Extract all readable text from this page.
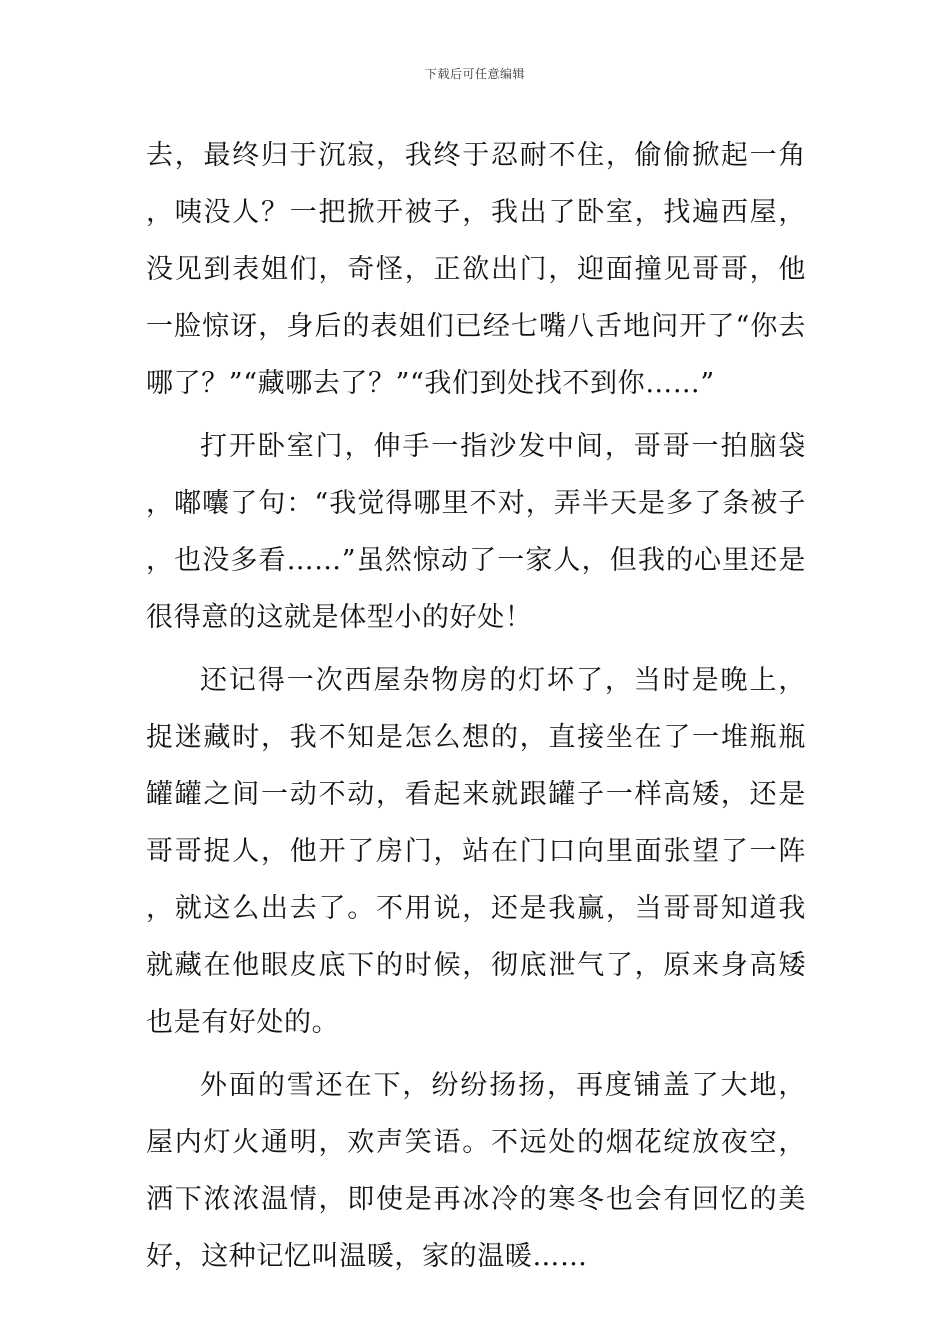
下载后可任意编辑

去，最终归于沉寂，我终于忍耐不住，偷偷掀起一角，咦没人？一把掀开被子，我出了卧室，找遍西屋，没见到表姐们，奇怪，正欲出门，迎面撞见哥哥，他一脸惊讶，身后的表姐们已经七嘴八舌地问开了“你去哪了？”“藏哪去了？”“我们到处找不到你……”

打开卧室门，伸手一指沙发中间，哥哥一拍脑袋，嘟囔了句：“我觉得哪里不对，弄半天是多了条被子，也没多看……”虽然惊动了一家人，但我的心里还是很得意的这就是体型小的好处！

还记得一次西屋杂物房的灯坏了，当时是晚上，捉迷藏时，我不知是怎么想的，直接坐在了一堆瓶瓶罐罐之间一动不动，看起来就跟罐子一样高矮，还是哥哥捉人，他开了房门，站在门口向里面张望了一阵，就这么出去了。不用说，还是我赢，当哥哥知道我就藏在他眼皮底下的时候，彻底泄气了，原来身高矮也是有好处的。

外面的雪还在下，纷纷扬扬，再度铺盖了大地，屋内灯火通明，欢声笑语。不远处的烟花绽放夜空，洒下浓浓温情，即使是再冰冷的寒冬也会有回忆的美好，这种记忆叫温暖，家的温暖……
